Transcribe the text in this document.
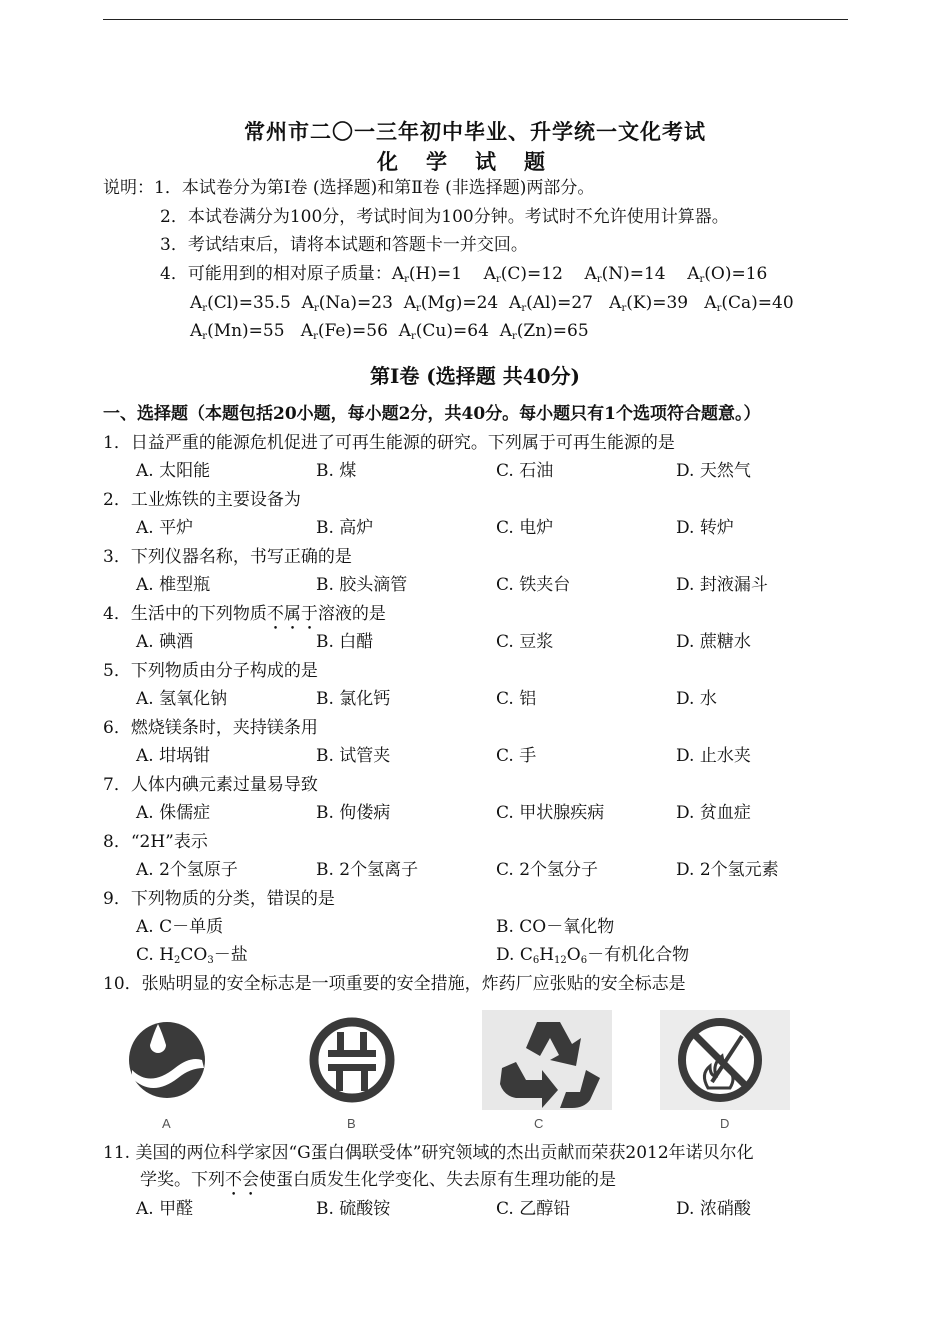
常州市二〇一三年初中毕业、升学统一文化考试
化学试题
说明：1．本试卷分为第Ⅰ卷 (选择题)和第Ⅱ卷 (非选择题)两部分。
2．本试卷满分为100分，考试时间为100分钟。考试时不允许使用计算器。
3．考试结束后，请将本试题和答题卡一并交回。
4．可能用到的相对原子质量：$A_r(H)=1$    $A_r(C)=12$    $A_r(N)=14$    $A_r(O)=16$
$A_r(Cl)=35.5$  $A_r(Na)=23$  $A_r(Mg)=24$  $A_r(Al)=27$   $A_r(K)=39$   $A_r(Ca)=40$
$A_r(Mn)=55$   $A_r(Fe)=56$  $A_r(Cu)=64$  $A_r(Zn)=65$
第Ⅰ卷 (选择题 共40分)
一、选择题（本题包括20小题，每小题2分，共40分。每小题只有1个选项符合题意。）
1．日益严重的能源危机促进了可再生能源的研究。下列属于可再生能源的是
A. 太阳能	B. 煤	C. 石油	D. 天然气
2．工业炼铁的主要设备为
A. 平炉	B. 高炉	C. 电炉	D. 转炉
3．下列仪器名称，书写正确的是
A. 椎型瓶	B. 胶头滴管	C. 铁夹台	D. 封液漏斗
4．生活中的下列物质不属于溶液的是
A. 碘酒	B. 白醋	C. 豆浆	D. 蔗糖水
5．下列物质由分子构成的是
A. 氢氧化钠	B. 氯化钙	C. 铝	D. 水
6．燃烧镁条时，夹持镁条用
A. 坩埚钳	B. 试管夹	C. 手	D. 止水夹
7．人体内碘元素过量易导致
A. 侏儒症	B. 佝偻病	C. 甲状腺疾病	D. 贫血症
8．“2H”表示
A. 2个氢原子	B. 2个氢离子	C. 2个氢分子	D. 2个氢元素
9．下列物质的分类，错误的是
A. C－单质	B. CO－氧化物
C. $H_2CO_3-$盐	D. $C_6H_{12}O_6-$有机化合物
10．张贴明显的安全标志是一项重要的安全措施，炸药厂应张贴的安全标志是
A	B	C	D
11. 美国的两位科学家因“G蛋白偶联受体”研究领域的杰出贡献而荣获2012年诺贝尔化
学奖。下列不会使蛋白质发生化学变化、失去原有生理功能的是
A. 甲醛	B. 硫酸铵	C. 乙醇铅	D. 浓硝酸
